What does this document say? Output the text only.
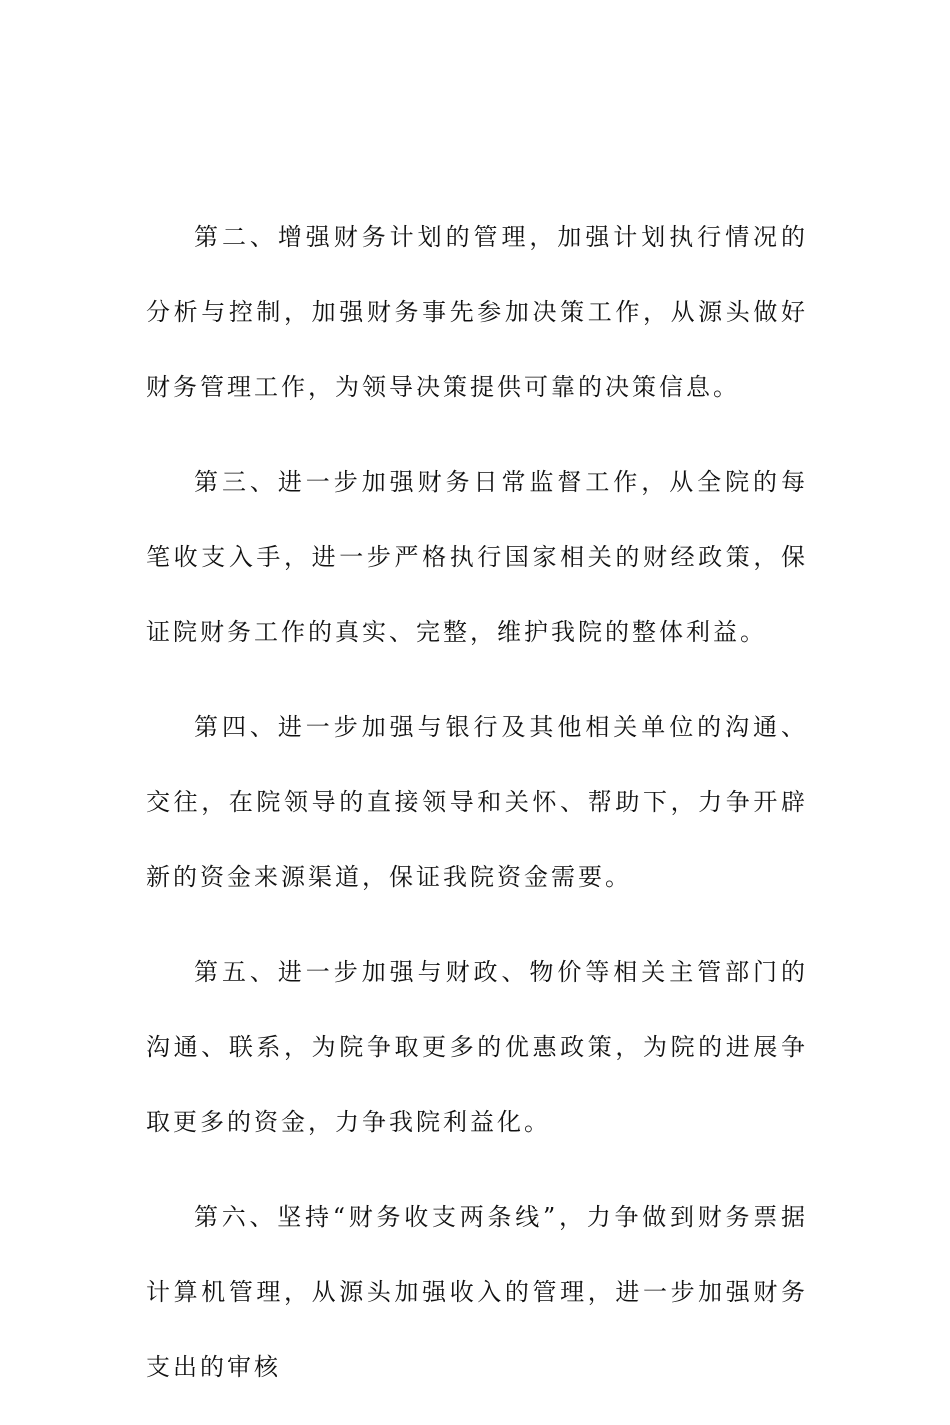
第二、增强财务计划的管理，加强计划执行情况的分析与控制，加强财务事先参加决策工作，从源头做好财务管理工作，为领导决策提供可靠的决策信息。

第三、进一步加强财务日常监督工作，从全院的每笔收支入手，进一步严格执行国家相关的财经政策，保证院财务工作的真实、完整，维护我院的整体利益。

第四、进一步加强与银行及其他相关单位的沟通、交往，在院领导的直接领导和关怀、帮助下，力争开辟新的资金来源渠道，保证我院资金需要。

第五、进一步加强与财政、物价等相关主管部门的沟通、联系，为院争取更多的优惠政策，为院的进展争取更多的资金，力争我院利益化。

第六、坚持“财务收支两条线”，力争做到财务票据计算机管理，从源头加强收入的管理，进一步加强财务支出的审核
